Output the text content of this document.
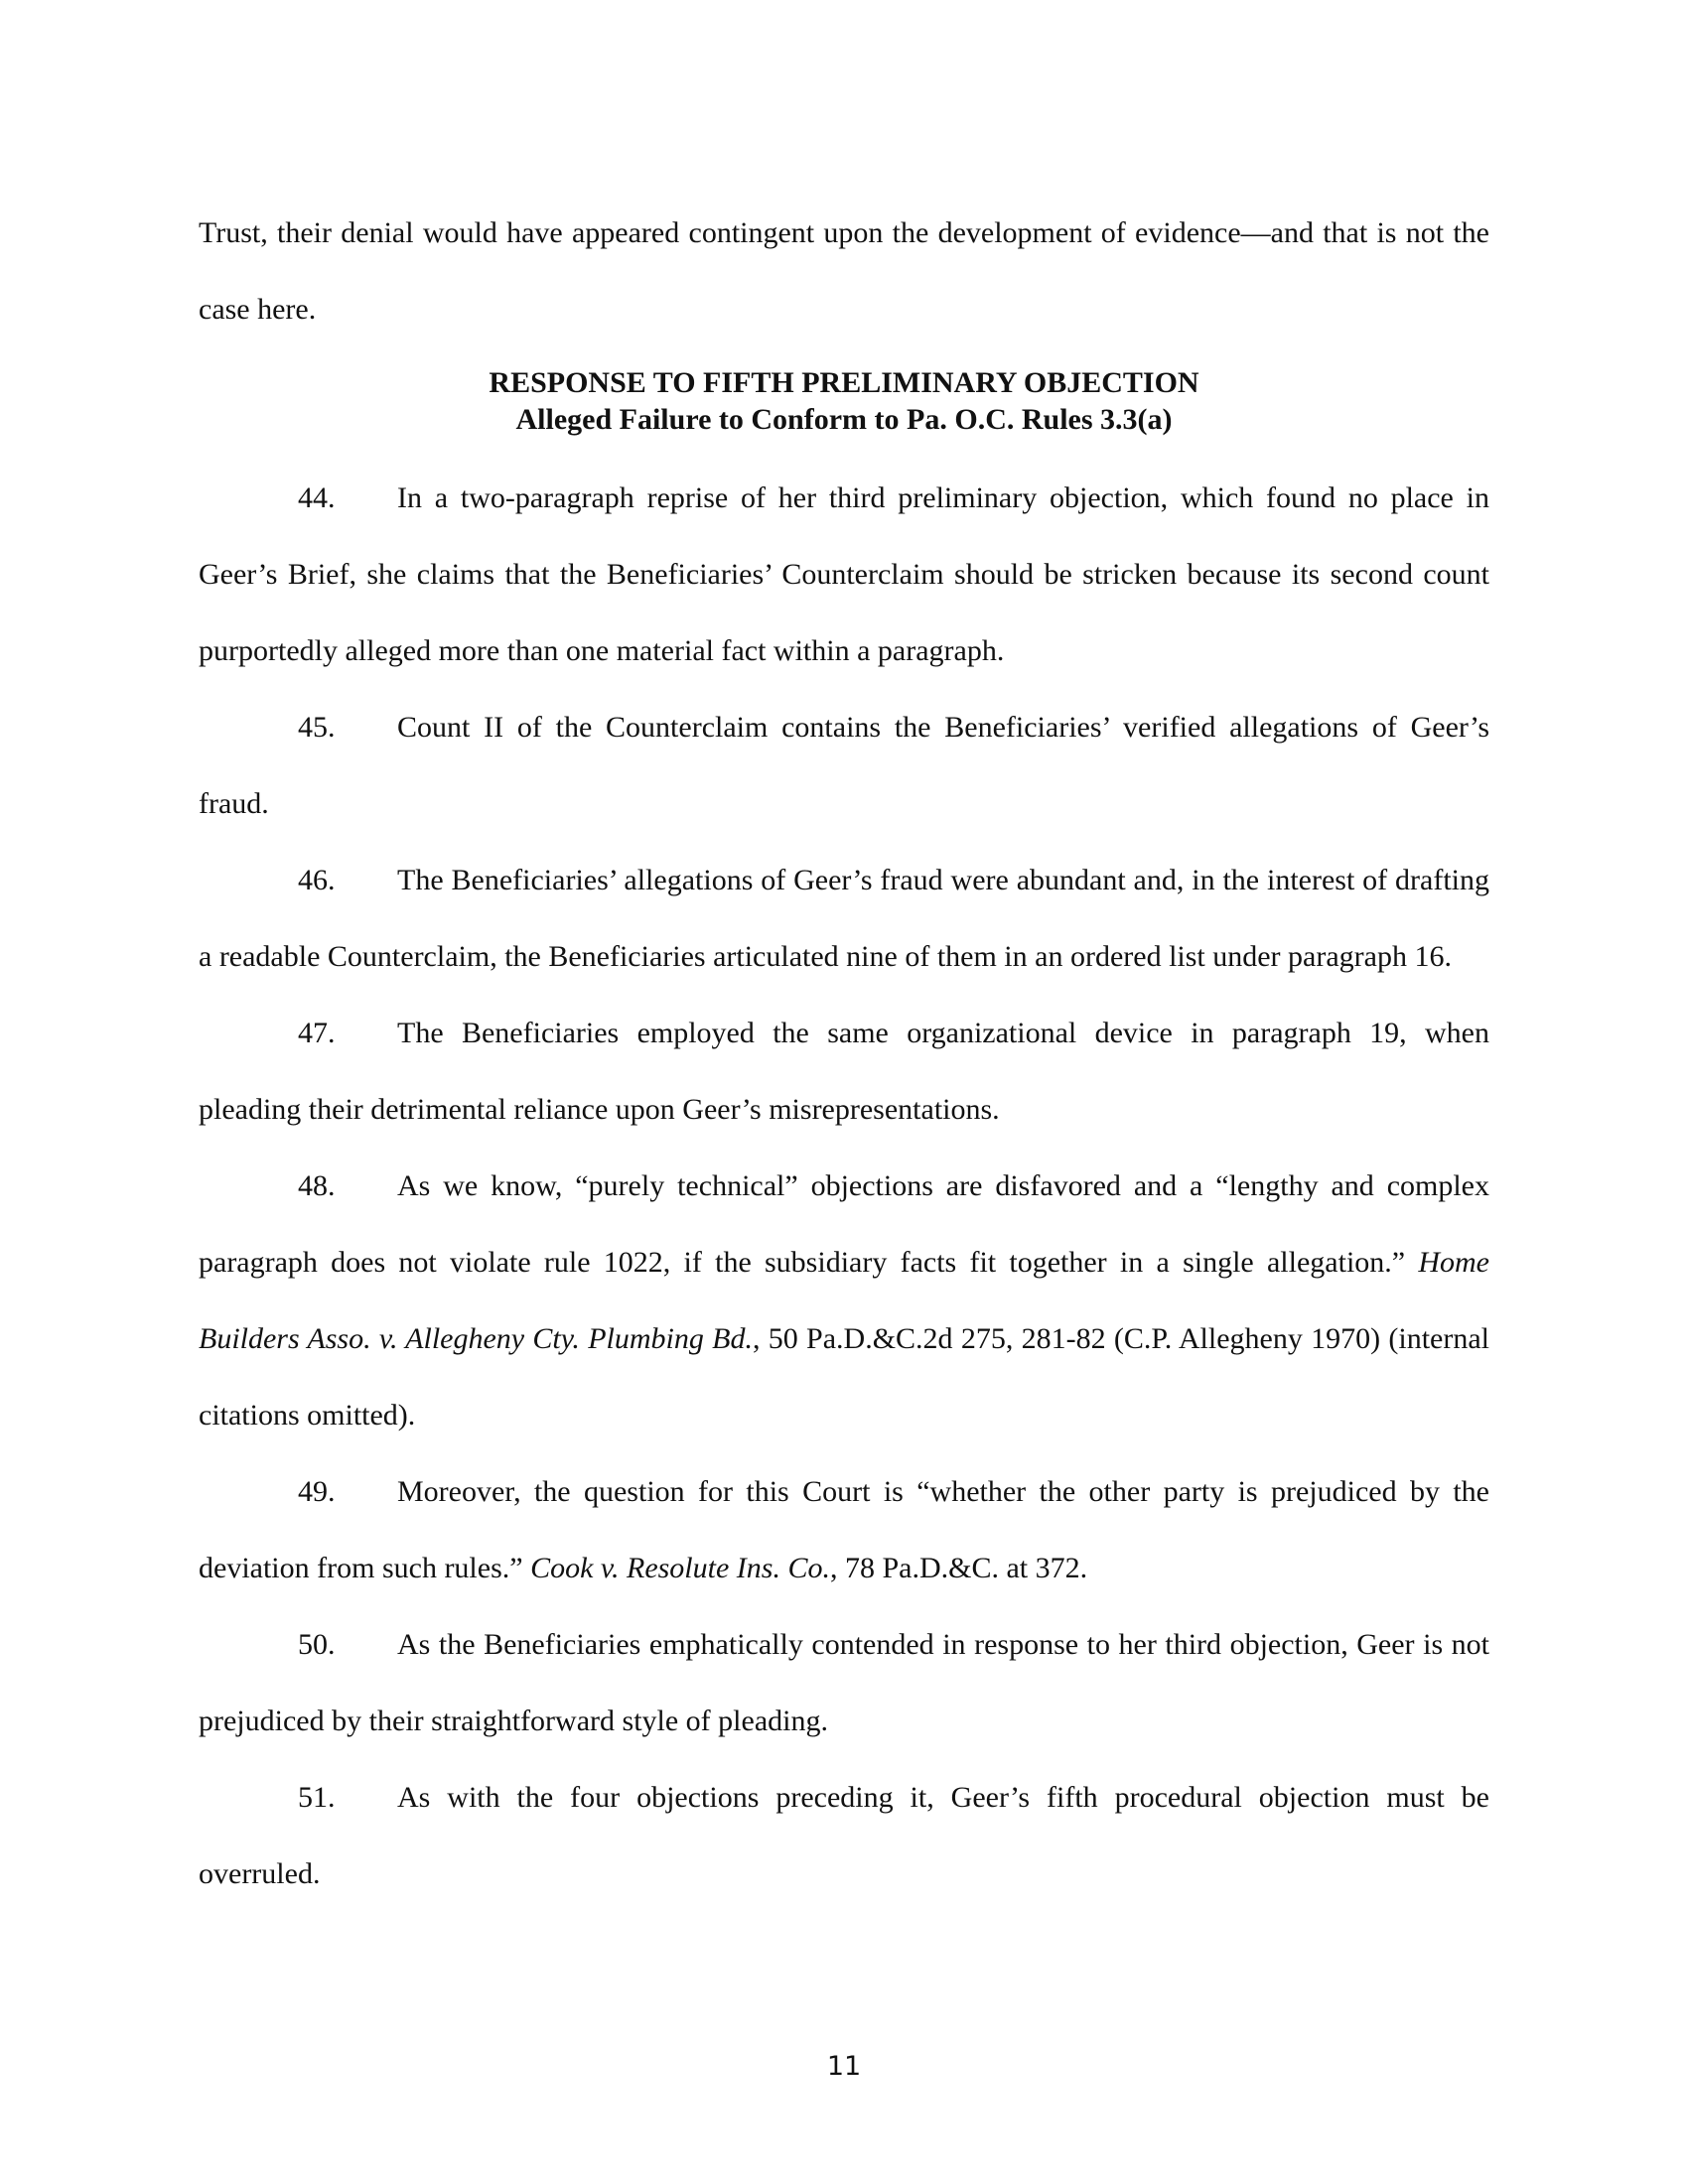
Trust, their denial would have appeared contingent upon the development of evidence—and that is not the case here.

RESPONSE TO FIFTH PRELIMINARY OBJECTION
Alleged Failure to Conform to Pa. O.C. Rules 3.3(a)

44. In a two-paragraph reprise of her third preliminary objection, which found no place in Geer’s Brief, she claims that the Beneficiaries’ Counterclaim should be stricken because its second count purportedly alleged more than one material fact within a paragraph.

45. Count II of the Counterclaim contains the Beneficiaries’ verified allegations of Geer’s fraud.

46. The Beneficiaries’ allegations of Geer’s fraud were abundant and, in the interest of drafting a readable Counterclaim, the Beneficiaries articulated nine of them in an ordered list under paragraph 16.

47. The Beneficiaries employed the same organizational device in paragraph 19, when pleading their detrimental reliance upon Geer’s misrepresentations.

48. As we know, “purely technical” objections are disfavored and a “lengthy and complex paragraph does not violate rule 1022, if the subsidiary facts fit together in a single allegation.” Home Builders Asso. v. Allegheny Cty. Plumbing Bd., 50 Pa.D.&C.2d 275, 281-82 (C.P. Allegheny 1970) (internal citations omitted).

49. Moreover, the question for this Court is “whether the other party is prejudiced by the deviation from such rules.” Cook v. Resolute Ins. Co., 78 Pa.D.&C. at 372.

50. As the Beneficiaries emphatically contended in response to her third objection, Geer is not prejudiced by their straightforward style of pleading.

51. As with the four objections preceding it, Geer’s fifth procedural objection must be overruled.

11
